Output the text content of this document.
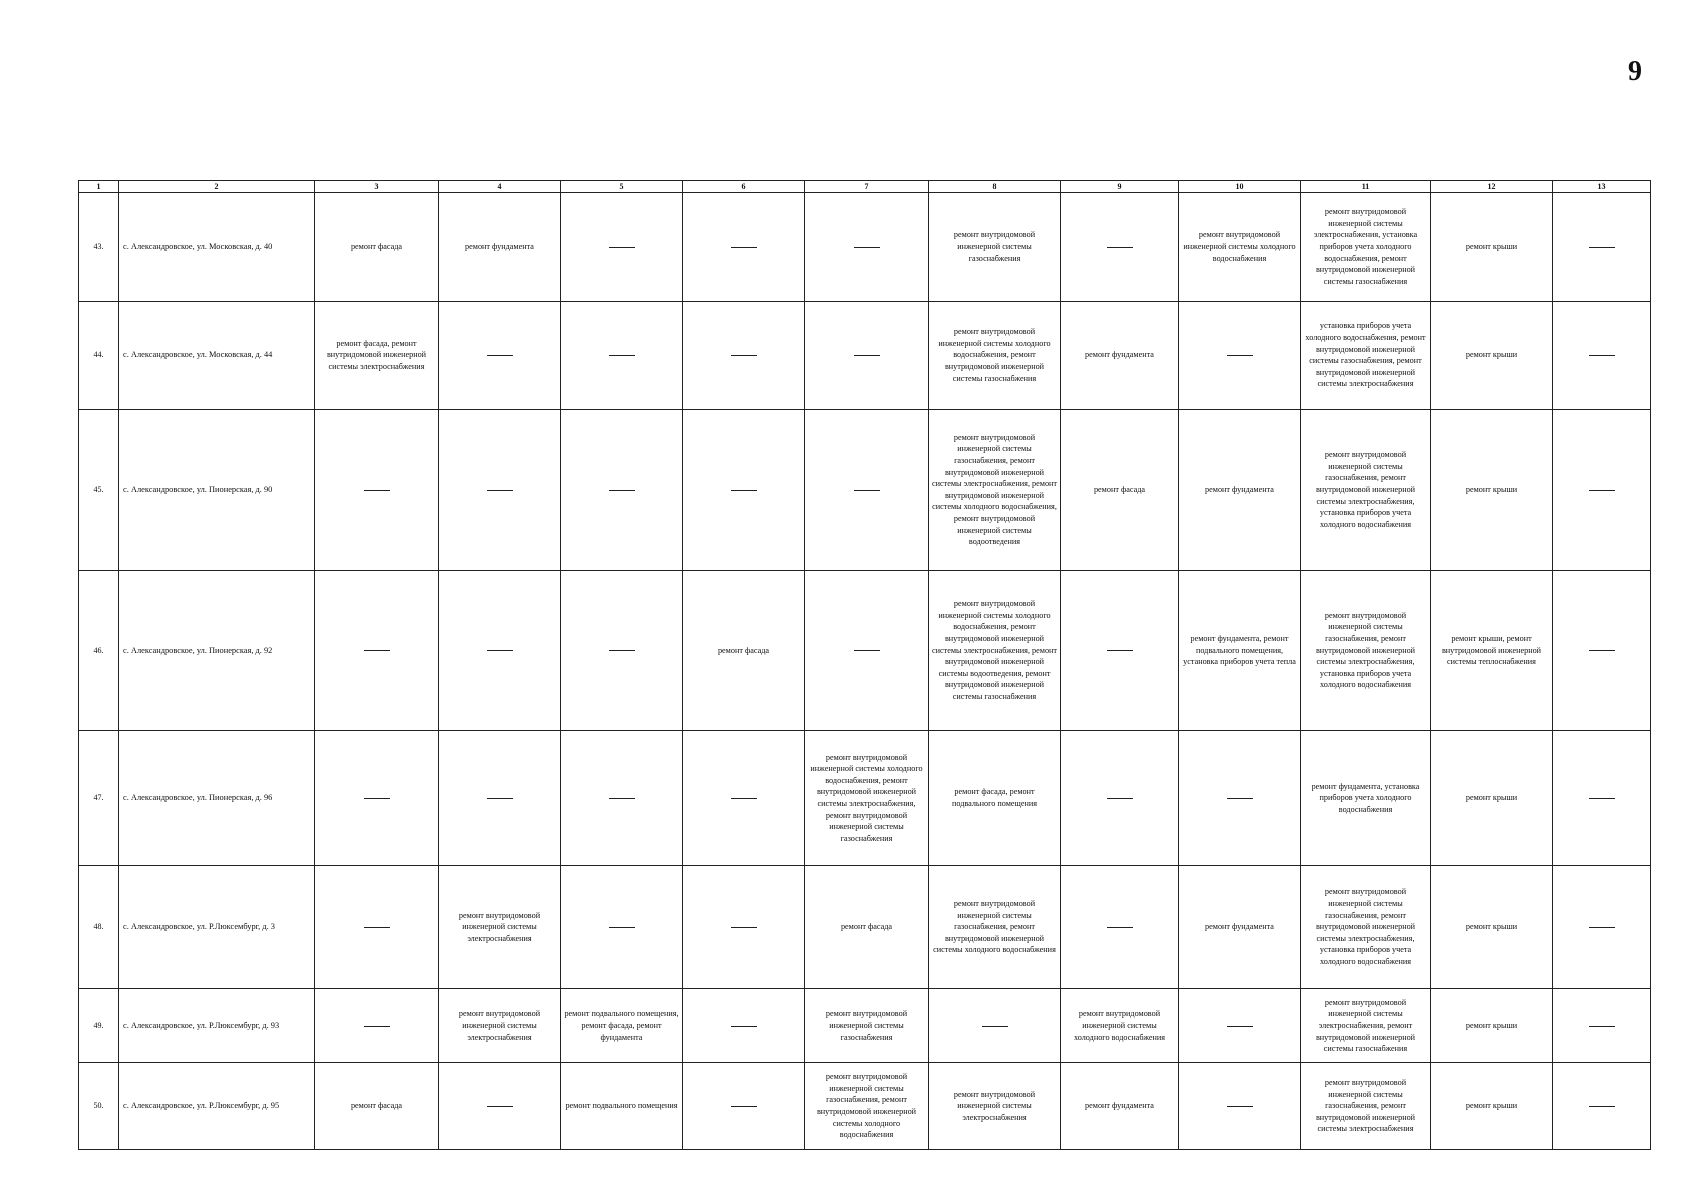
9
1	2	3	4	5	6	7	8	9	10	11	12	13
43.	с. Александровское, ул. Московская, д. 40	ремонт фасада	ремонт фундамента				ремонт внутридомовой инженерной системы газоснабжения		ремонт внутридомовой инженерной системы холодного водоснабжения	ремонт внутридомовой инженерной системы электроснабжения, установка приборов учета холодного водоснабжения, ремонт внутридомовой инженерной системы газоснабжения	ремонт крыши	
44.	с. Александровское, ул. Московская, д. 44	ремонт фасада, ремонт внутридомовой инженерной системы электроснабжения					ремонт внутридомовой инженерной системы холодного водоснабжения, ремонт внутридомовой инженерной системы газоснабжения	ремонт фундамента		установка приборов учета холодного водоснабжения, ремонт внутридомовой инженерной системы газоснабжения, ремонт внутридомовой инженерной системы электроснабжения	ремонт крыши	
45.	с. Александровское, ул. Пионерская, д. 90						ремонт внутридомовой инженерной системы газоснабжения, ремонт внутридомовой инженерной системы электроснабжения, ремонт внутридомовой инженерной системы холодного водоснабжения, ремонт внутридомовой инженерной системы водоотведения	ремонт фасада	ремонт фундамента	ремонт внутридомовой инженерной системы газоснабжения, ремонт внутридомовой инженерной системы электроснабжения, установка приборов учета холодного водоснабжения	ремонт крыши	
46.	с. Александровское, ул. Пионерская, д. 92				ремонт фасада		ремонт внутридомовой инженерной системы холодного водоснабжения, ремонт внутридомовой инженерной системы электроснабжения, ремонт внутридомовой инженерной системы водоотведения, ремонт внутридомовой инженерной системы газоснабжения		ремонт фундамента, ремонт подвального помещения, установка приборов учета тепла	ремонт внутридомовой инженерной системы газоснабжения, ремонт внутридомовой инженерной системы электроснабжения, установка приборов учета холодного водоснабжения	ремонт крыши, ремонт внутридомовой инженерной системы теплоснабжения	
47.	с. Александровское, ул. Пионерская, д. 96					ремонт внутридомовой инженерной системы холодного водоснабжения, ремонт внутридомовой инженерной системы электроснабжения, ремонт внутридомовой инженерной системы газоснабжения	ремонт фасада, ремонт подвального помещения			ремонт фундамента, установка приборов учета холодного водоснабжения	ремонт крыши	
48.	с. Александровское, ул. Р.Люксембург, д. 3		ремонт внутридомовой инженерной системы электроснабжения			ремонт фасада	ремонт внутридомовой инженерной системы газоснабжения, ремонт внутридомовой инженерной системы холодного водоснабжения		ремонт фундамента	ремонт внутридомовой инженерной системы газоснабжения, ремонт внутридомовой инженерной системы электроснабжения, установка приборов учета холодного водоснабжения	ремонт крыши	
49.	с. Александровское, ул. Р.Люксембург, д. 93		ремонт внутридомовой инженерной системы электроснабжения	ремонт подвального помещения, ремонт фасада, ремонт фундамента		ремонт внутридомовой инженерной системы газоснабжения		ремонт внутридомовой инженерной системы холодного водоснабжения		ремонт внутридомовой инженерной системы электроснабжения, ремонт внутридомовой инженерной системы газоснабжения	ремонт крыши	
50.	с. Александровское, ул. Р.Люксембург, д. 95	ремонт фасада		ремонт подвального помещения		ремонт внутридомовой инженерной системы газоснабжения, ремонт внутридомовой инженерной системы холодного водоснабжения	ремонт внутридомовой инженерной системы электроснабжения	ремонт фундамента		ремонт внутридомовой инженерной системы газоснабжения, ремонт внутридомовой инженерной системы электроснабжения	ремонт крыши	
